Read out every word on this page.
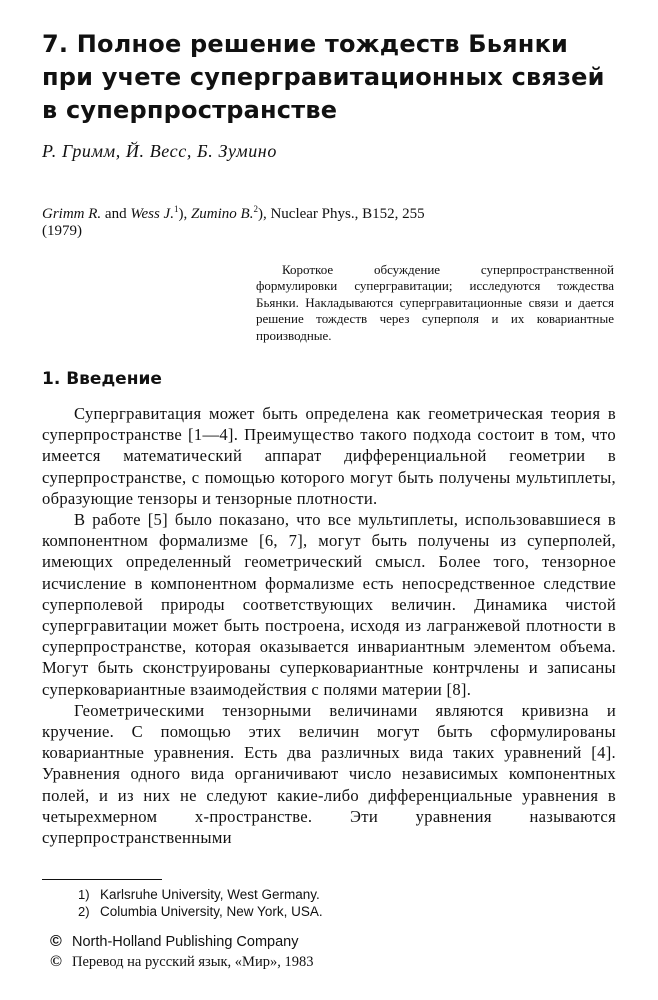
7. Полное решение тождеств Бьянки
при учете супергравитационных связей
в суперпространстве
Р. Гримм, Й. Весс, Б. Зумино
Grimm R. and Wess J.$^1$), Zumino B.$^2$), Nuclear Phys., B152, 255
(1979)
Короткое обсуждение суперпространственной формулировки супергравитации; исследуются тождества Бьянки. Накладываются супергравитационные связи и дается решение тождеств через суперполя и их ковариантные производные.
1. Введение

Супергравитация может быть определена как геометрическая теория в суперпространстве [1—4]. Преимущество такого подхода состоит в том, что имеется математический аппарат дифференциальной геометрии в суперпространстве, с помощью которого могут быть получены мультиплеты, образующие тензоры и тензорные плотности.

В работе [5] было показано, что все мультиплеты, использовавшиеся в компонентном формализме [6, 7], могут быть получены из суперполей, имеющих определенный геометрический смысл. Более того, тензорное исчисление в компонентном формализме есть непосредственное следствие суперполевой природы соответствующих величин. Динамика чистой супергравитации может быть построена, исходя из лагранжевой плотности в суперпространстве, которая оказывается инвариантным элементом объема. Могут быть сконструированы суперковариантные контрчлены и записаны суперковариантные взаимодействия с полями материи [8].

Геометрическими тензорными величинами являются кривизна и кручение. С помощью этих величин могут быть сформулированы ковариантные уравнения. Есть два различных вида таких уравнений [4]. Уравнения одного вида органичивают число независимых компонентных полей, и из них не следуют какие-либо дифференциальные уравнения в четырехмерном x-пространстве. Эти уравнения называются суперпространственными

1) Karlsruhe University, West Germany.
2) Columbia University, New York, USA.
© North-Holland Publishing Company
© Перевод на русский язык, «Мир», 1983
